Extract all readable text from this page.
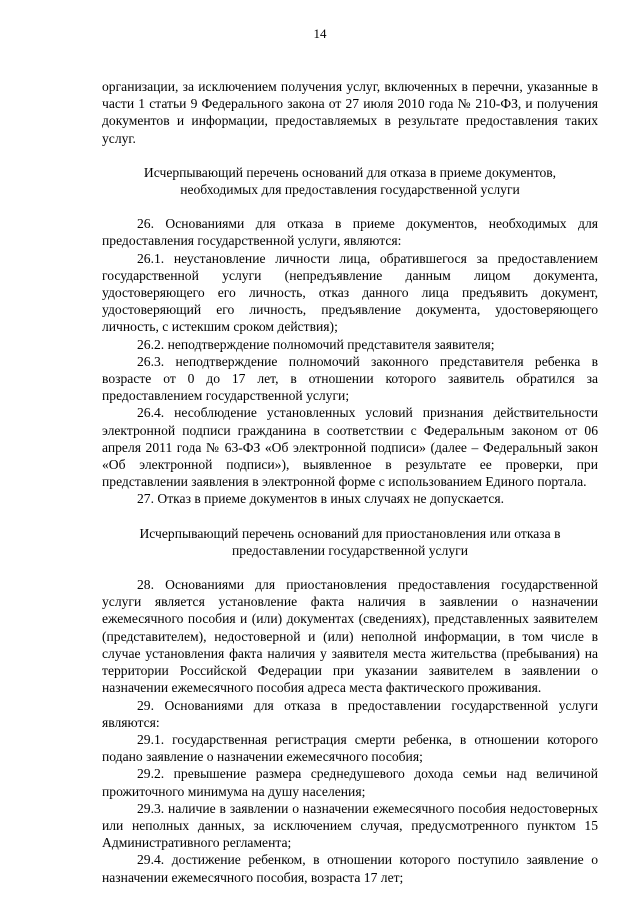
14

организации, за исключением получения услуг, включенных в перечни, указанные в части 1 статьи 9 Федерального закона от 27 июля 2010 года № 210-ФЗ, и получения документов и информации, предоставляемых в результате предоставления таких услуг.

Исчерпывающий перечень оснований для отказа в приеме документов,
необходимых для предоставления государственной услуги

26. Основаниями для отказа в приеме документов, необходимых для предоставления государственной услуги, являются:

26.1. неустановление личности лица, обратившегося за предоставлением государственной услуги (непредъявление данным лицом документа, удостоверяющего его личность, отказ данного лица предъявить документ, удостоверяющий его личность, предъявление документа, удостоверяющего личность, с истекшим сроком действия);

26.2. неподтверждение полномочий представителя заявителя;

26.3. неподтверждение полномочий законного представителя ребенка в возрасте от 0 до 17 лет, в отношении которого заявитель обратился за предоставлением государственной услуги;

26.4. несоблюдение установленных условий признания действительности электронной подписи гражданина в соответствии с Федеральным законом от 06 апреля 2011 года № 63-ФЗ «Об электронной подписи» (далее – Федеральный закон «Об электронной подписи»), выявленное в результате ее проверки, при представлении заявления в электронной форме с использованием Единого портала.

27. Отказ в приеме документов в иных случаях не допускается.

Исчерпывающий перечень оснований для приостановления или отказа в
предоставлении государственной услуги

28. Основаниями для приостановления предоставления государственной услуги является установление факта наличия в заявлении о назначении ежемесячного пособия и (или) документах (сведениях), представленных заявителем (представителем), недостоверной и (или) неполной информации, в том числе в случае установления факта наличия у заявителя места жительства (пребывания) на территории Российской Федерации при указании заявителем в заявлении о назначении ежемесячного пособия адреса места фактического проживания.

29. Основаниями для отказа в предоставлении государственной услуги являются:

29.1. государственная регистрация смерти ребенка, в отношении которого подано заявление о назначении ежемесячного пособия;

29.2. превышение размера среднедушевого дохода семьи над величиной прожиточного минимума на душу населения;

29.3. наличие в заявлении о назначении ежемесячного пособия недостоверных или неполных данных, за исключением случая, предусмотренного пунктом 15 Административного регламента;

29.4. достижение ребенком, в отношении которого поступило заявление о назначении ежемесячного пособия, возраста 17 лет;
